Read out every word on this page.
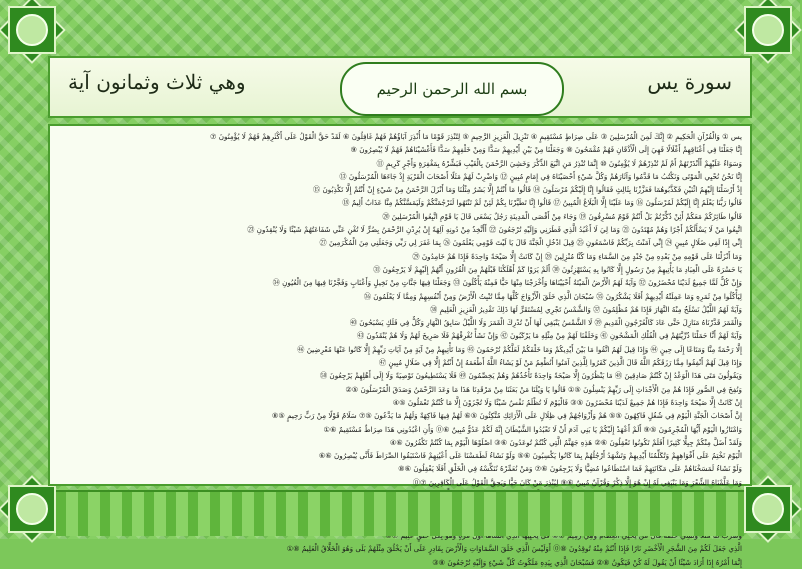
سورة يس
بسم الله الرحمن الرحيم
وهي ثلاث وثمانون آية
يس ① وَالْقُرْآنِ الْحَكِيمِ ② إِنَّكَ لَمِنَ الْمُرْسَلِينَ ③ عَلَى صِرَاطٍ مُسْتَقِيمٍ ④ تَنْزِيلَ الْعَزِيزِ الرَّحِيمِ ⑤ لِتُنْذِرَ قَوْمًا مَا أُنْذِرَ آبَاؤُهُمْ فَهُمْ غَافِلُونَ ⑥ لَقَدْ حَقَّ الْقَوْلُ عَلَى أَكْثَرِهِمْ فَهُمْ لَا يُؤْمِنُونَ ⑦
إِنَّا جَعَلْنَا فِي أَعْنَاقِهِمْ أَغْلَالًا فَهِيَ إِلَى الْأَذْقَانِ فَهُمْ مُقْمَحُونَ ⑧ وَجَعَلْنَا مِنْ بَيْنِ أَيْدِيهِمْ سَدًّا وَمِنْ خَلْفِهِمْ سَدًّا فَأَغْشَيْنَاهُمْ فَهُمْ لَا يُبْصِرُونَ ⑨
وَسَوَاءٌ عَلَيْهِمْ أَأَنْذَرْتَهُمْ أَمْ لَمْ تُنْذِرْهُمْ لَا يُؤْمِنُونَ ⑩ إِنَّمَا تُنْذِرُ مَنِ اتَّبَعَ الذِّكْرَ وَخَشِيَ الرَّحْمَنَ بِالْغَيْبِ فَبَشِّرْهُ بِمَغْفِرَةٍ وَأَجْرٍ كَرِيمٍ ⑪
إِنَّا نَحْنُ نُحْيِي الْمَوْتَى وَنَكْتُبُ مَا قَدَّمُوا وَآثَارَهُمْ وَكُلَّ شَيْءٍ أَحْصَيْنَاهُ فِي إِمَامٍ مُبِينٍ ⑫ وَاضْرِبْ لَهُمْ مَثَلًا أَصْحَابَ الْقَرْيَةِ إِذْ جَاءَهَا الْمُرْسَلُونَ ⑬
إِذْ أَرْسَلْنَا إِلَيْهِمُ اثْنَيْنِ فَكَذَّبُوهُمَا فَعَزَّزْنَا بِثَالِثٍ فَقَالُوا إِنَّا إِلَيْكُمْ مُرْسَلُونَ ⑭ قَالُوا مَا أَنْتُمْ إِلَّا بَشَرٌ مِثْلُنَا وَمَا أَنْزَلَ الرَّحْمَنُ مِنْ شَيْءٍ إِنْ أَنْتُمْ إِلَّا تَكْذِبُونَ ⑮
قَالُوا رَبُّنَا يَعْلَمُ إِنَّا إِلَيْكُمْ لَمُرْسَلُونَ ⑯ وَمَا عَلَيْنَا إِلَّا الْبَلَاغُ الْمُبِينُ ⑰ قَالُوا إِنَّا تَطَيَّرْنَا بِكُمْ لَئِنْ لَمْ تَنْتَهُوا لَنَرْجُمَنَّكُمْ وَلَيَمَسَّنَّكُمْ مِنَّا عَذَابٌ أَلِيمٌ ⑱
قَالُوا طَائِرُكُمْ مَعَكُمْ أَئِنْ ذُكِّرْتُمْ بَلْ أَنْتُمْ قَوْمٌ مُسْرِفُونَ ⑲ وَجَاءَ مِنْ أَقْصَى الْمَدِينَةِ رَجُلٌ يَسْعَى قَالَ يَا قَوْمِ اتَّبِعُوا الْمُرْسَلِينَ ⑳
اتَّبِعُوا مَنْ لَا يَسْأَلُكُمْ أَجْرًا وَهُمْ مُهْتَدُونَ ㉑ وَمَا لِيَ لَا أَعْبُدُ الَّذِي فَطَرَنِي وَإِلَيْهِ تُرْجَعُونَ ㉒ أَأَتَّخِذُ مِنْ دُونِهِ آلِهَةً إِنْ يُرِدْنِ الرَّحْمَنُ بِضُرٍّ لَا تُغْنِ عَنِّي شَفَاعَتُهُمْ شَيْئًا وَلَا يُنْقِذُونِ ㉓
إِنِّي إِذًا لَفِي ضَلَالٍ مُبِينٍ ㉔ إِنِّي آمَنْتُ بِرَبِّكُمْ فَاسْمَعُونِ ㉕ قِيلَ ادْخُلِ الْجَنَّةَ قَالَ يَا لَيْتَ قَوْمِي يَعْلَمُونَ ㉖ بِمَا غَفَرَ لِي رَبِّي وَجَعَلَنِي مِنَ الْمُكْرَمِينَ ㉗
وَمَا أَنْزَلْنَا عَلَى قَوْمِهِ مِنْ بَعْدِهِ مِنْ جُنْدٍ مِنَ السَّمَاءِ وَمَا كُنَّا مُنْزِلِينَ ㉘ إِنْ كَانَتْ إِلَّا صَيْحَةً وَاحِدَةً فَإِذَا هُمْ خَامِدُونَ ㉙
يَا حَسْرَةً عَلَى الْعِبَادِ مَا يَأْتِيهِمْ مِنْ رَسُولٍ إِلَّا كَانُوا بِهِ يَسْتَهْزِئُونَ ㉚ أَلَمْ يَرَوْا كَمْ أَهْلَكْنَا قَبْلَهُمْ مِنَ الْقُرُونِ أَنَّهُمْ إِلَيْهِمْ لَا يَرْجِعُونَ ㉛
وَإِنْ كُلٌّ لَمَّا جَمِيعٌ لَدَيْنَا مُحْضَرُونَ ㉜ وَآيَةٌ لَهُمُ الْأَرْضُ الْمَيْتَةُ أَحْيَيْنَاهَا وَأَخْرَجْنَا مِنْهَا حَبًّا فَمِنْهُ يَأْكُلُونَ ㉝ وَجَعَلْنَا فِيهَا جَنَّاتٍ مِنْ نَخِيلٍ وَأَعْنَابٍ وَفَجَّرْنَا فِيهَا مِنَ الْعُيُونِ ㉞
لِيَأْكُلُوا مِنْ ثَمَرِهِ وَمَا عَمِلَتْهُ أَيْدِيهِمْ أَفَلَا يَشْكُرُونَ ㉟ سُبْحَانَ الَّذِي خَلَقَ الْأَزْوَاجَ كُلَّهَا مِمَّا تُنْبِتُ الْأَرْضُ وَمِنْ أَنْفُسِهِمْ وَمِمَّا لَا يَعْلَمُونَ ㊱
وَآيَةٌ لَهُمُ اللَّيْلُ نَسْلَخُ مِنْهُ النَّهَارَ فَإِذَا هُمْ مُظْلِمُونَ ㊲ وَالشَّمْسُ تَجْرِي لِمُسْتَقَرٍّ لَهَا ذَلِكَ تَقْدِيرُ الْعَزِيزِ الْعَلِيمِ ㊳
وَالْقَمَرَ قَدَّرْنَاهُ مَنَازِلَ حَتَّى عَادَ كَالْعُرْجُونِ الْقَدِيمِ ㊴ لَا الشَّمْسُ يَنْبَغِي لَهَا أَنْ تُدْرِكَ الْقَمَرَ وَلَا اللَّيْلُ سَابِقُ النَّهَارِ وَكُلٌّ فِي فَلَكٍ يَسْبَحُونَ ㊵
وَآيَةٌ لَهُمْ أَنَّا حَمَلْنَا ذُرِّيَّتَهُمْ فِي الْفُلْكِ الْمَشْحُونِ ㊶ وَخَلَقْنَا لَهُمْ مِنْ مِثْلِهِ مَا يَرْكَبُونَ ㊷ وَإِنْ نَشَأْ نُغْرِقْهُمْ فَلَا صَرِيخَ لَهُمْ وَلَا هُمْ يُنْقَذُونَ ㊸
إِلَّا رَحْمَةً مِنَّا وَمَتَاعًا إِلَى حِينٍ ㊹ وَإِذَا قِيلَ لَهُمُ اتَّقُوا مَا بَيْنَ أَيْدِيكُمْ وَمَا خَلْفَكُمْ لَعَلَّكُمْ تُرْحَمُونَ ㊺ وَمَا تَأْتِيهِمْ مِنْ آيَةٍ مِنْ آيَاتِ رَبِّهِمْ إِلَّا كَانُوا عَنْهَا مُعْرِضِينَ ㊻
وَإِذَا قِيلَ لَهُمْ أَنْفِقُوا مِمَّا رَزَقَكُمُ اللَّهُ قَالَ الَّذِينَ كَفَرُوا لِلَّذِينَ آمَنُوا أَنُطْعِمُ مَنْ لَوْ يَشَاءُ اللَّهُ أَطْعَمَهُ إِنْ أَنْتُمْ إِلَّا فِي ضَلَالٍ مُبِينٍ ㊼
وَيَقُولُونَ مَتَى هَذَا الْوَعْدُ إِنْ كُنْتُمْ صَادِقِينَ ㊽ مَا يَنْظُرُونَ إِلَّا صَيْحَةً وَاحِدَةً تَأْخُذُهُمْ وَهُمْ يَخِصِّمُونَ ㊾ فَلَا يَسْتَطِيعُونَ تَوْصِيَةً وَلَا إِلَى أَهْلِهِمْ يَرْجِعُونَ ㊿
وَنُفِخَ فِي الصُّورِ فَإِذَا هُمْ مِنَ الْأَجْدَاثِ إِلَى رَبِّهِمْ يَنْسِلُونَ ⑤① قَالُوا يَا وَيْلَنَا مَنْ بَعَثَنَا مِنْ مَرْقَدِنَا هَذَا مَا وَعَدَ الرَّحْمَنُ وَصَدَقَ الْمُرْسَلُونَ ⑤②
إِنْ كَانَتْ إِلَّا صَيْحَةً وَاحِدَةً فَإِذَا هُمْ جَمِيعٌ لَدَيْنَا مُحْضَرُونَ ⑤③ فَالْيَوْمَ لَا تُظْلَمُ نَفْسٌ شَيْئًا وَلَا تُجْزَوْنَ إِلَّا مَا كُنْتُمْ تَعْمَلُونَ ⑤④
إِنَّ أَصْحَابَ الْجَنَّةِ الْيَوْمَ فِي شُغُلٍ فَاكِهُونَ ⑤⑤ هُمْ وَأَزْوَاجُهُمْ فِي ظِلَالٍ عَلَى الْأَرَائِكِ مُتَّكِئُونَ ⑤⑥ لَهُمْ فِيهَا فَاكِهَةٌ وَلَهُمْ مَا يَدَّعُونَ ⑤⑦ سَلَامٌ قَوْلًا مِنْ رَبٍّ رَحِيمٍ ⑤⑧
وَامْتَازُوا الْيَوْمَ أَيُّهَا الْمُجْرِمُونَ ⑤⑨ أَلَمْ أَعْهَدْ إِلَيْكُمْ يَا بَنِي آدَمَ أَنْ لَا تَعْبُدُوا الشَّيْطَانَ إِنَّهُ لَكُمْ عَدُوٌّ مُبِينٌ ⑥⓪ وَأَنِ اعْبُدُونِي هَذَا صِرَاطٌ مُسْتَقِيمٌ ⑥①
وَلَقَدْ أَضَلَّ مِنْكُمْ جِبِلًّا كَثِيرًا أَفَلَمْ تَكُونُوا تَعْقِلُونَ ⑥② هَذِهِ جَهَنَّمُ الَّتِي كُنْتُمْ تُوعَدُونَ ⑥③ اصْلَوْهَا الْيَوْمَ بِمَا كُنْتُمْ تَكْفُرُونَ ⑥④
الْيَوْمَ نَخْتِمُ عَلَى أَفْوَاهِهِمْ وَتُكَلِّمُنَا أَيْدِيهِمْ وَتَشْهَدُ أَرْجُلُهُمْ بِمَا كَانُوا يَكْسِبُونَ ⑥⑤ وَلَوْ نَشَاءُ لَطَمَسْنَا عَلَى أَعْيُنِهِمْ فَاسْتَبَقُوا الصِّرَاطَ فَأَنَّى يُبْصِرُونَ ⑥⑥
وَلَوْ نَشَاءُ لَمَسَخْنَاهُمْ عَلَى مَكَانَتِهِمْ فَمَا اسْتَطَاعُوا مُضِيًّا وَلَا يَرْجِعُونَ ⑥⑦ وَمَنْ نُعَمِّرْهُ نُنَكِّسْهُ فِي الْخَلْقِ أَفَلَا يَعْقِلُونَ ⑥⑧
وَمَا عَلَّمْنَاهُ الشِّعْرَ وَمَا يَنْبَغِي لَهُ إِنْ هُوَ إِلَّا ذِكْرٌ وَقُرْآنٌ مُبِينٌ ⑥⑨ لِيُنْذِرَ مَنْ كَانَ حَيًّا وَيَحِقَّ الْقَوْلُ عَلَى الْكَافِرِينَ ⑦⓪
الَّذِي جَعَلَ لَكُمْ مِنَ الشَّجَرِ الْأَخْضَرِ نَارًا فَإِذَا أَنْتُمْ مِنْهُ تُوقِدُونَ ⑧⓪ أَوَلَيْسَ الَّذِي خَلَقَ السَّمَاوَاتِ وَالْأَرْضَ بِقَادِرٍ عَلَى أَنْ يَخْلُقَ مِثْلَهُمْ بَلَى وَهُوَ الْخَلَّاقُ الْعَلِيمُ ⑧①
إِنَّمَا أَمْرُهُ إِذَا أَرَادَ شَيْئًا أَنْ يَقُولَ لَهُ كُنْ فَيَكُونُ ⑧② فَسُبْحَانَ الَّذِي بِيَدِهِ مَلَكُوتُ كُلِّ شَيْءٍ وَإِلَيْهِ تُرْجَعُونَ ⑧③
